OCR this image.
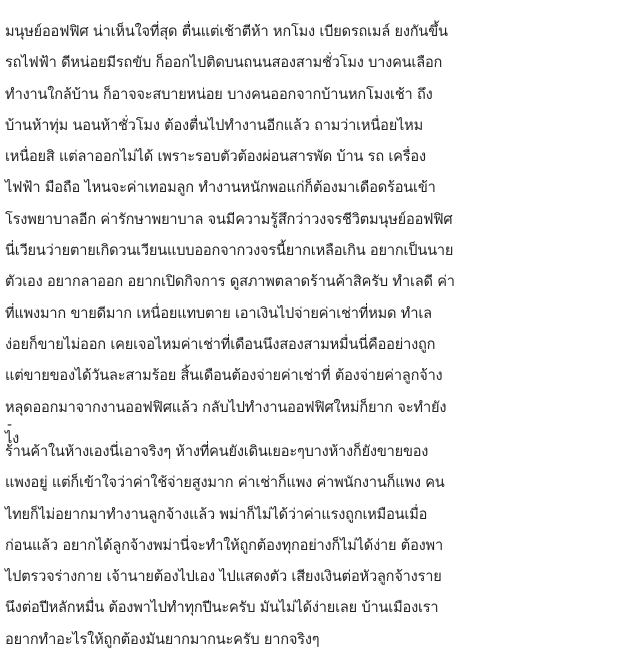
มนุษย์ออฟฟิศ น่าเห็นใจที่สุด ตื่นแต่เช้าตีห้า หกโมง เบียดรถเมล์ ยงกันขึ้น
รถไฟฟ้า ดีหน่อยมีรถขับ ก็ออกไปติดบนถนนสองสามชั่วโมง บางคนเลือก
ทำงานใกล้บ้าน ก็อาจจะสบายหน่อย บางคนออกจากบ้านหกโมงเช้า ถึง
บ้านห้าทุ่ม นอนห้าชั่วโมง ต้องตื่นไปทำงานอีกแล้ว ถามว่าเหนื่อยไหม
เหนื่อยสิ แต่ลาออกไม่ได้ เพราะรอบตัวต้องผ่อนสารพัด บ้าน รถ เครื่อง
ไฟฟ้า มือถือ ไหนจะค่าเทอมลูก ทำงานหนักพอแก่ก็ต้องมาเดือดร้อนเข้า
โรงพยาบาลอีก ค่ารักษาพยาบาล จนมีความรู้สึกว่าวงจรชีวิตมนุษย์ออฟฟิศ
นี่เวียนว่ายตายเกิดวนเวียนแบบออกจากวงจรนี้ยากเหลือเกิน อยากเป็นนาย
ตัวเอง อยากลาออก อยากเปิดกิจการ ดูสภาพตลาดร้านค้าสิครับ ทำเลดี ค่า
ที่แพงมาก ขายดีมาก เหนื่อยแทบตาย เอาเงินไปจ่ายค่าเช่าที่หมด ทำเล
ง่อยก็ขายไม่ออก เคยเจอไหมค่าเช่าที่เดือนนึงสองสามหมื่นนี่คืออย่างถูก
แต่ขายของได้วันละสามร้อย สิ้นเดือนต้องจ่ายค่าเช่าที่ ต้องจ่ายค่าลูกจ้าง
หลุดออกมาจากงานออฟฟิศแล้ว กลับไปทำงานออฟฟิศใหม่ก็ยาก จะทำยัง
ไง
-
ร้านค้าในห้างเองนี่เอาจริงๆ ห้างที่คนยังเดินเยอะๆบางห้างก็ยังขายของ
แพงอยู่ แต่ก็เข้าใจว่าค่าใช้จ่ายสูงมาก ค่าเช่าก็แพง ค่าพนักงานก็แพง คน
ไทยก็ไม่อยากมาทำงานลูกจ้างแล้ว พม่าก็ไม่ได้ว่าค่าแรงถูกเหมือนเมื่อ
ก่อนแล้ว อยากได้ลูกจ้างพม่านี่จะทำให้ถูกต้องทุกอย่างก็ไม่ได้ง่าย ต้องพา
ไปตรวจร่างกาย เจ้านายต้องไปเอง ไปแสดงตัว เสียงเงินต่อหัวลูกจ้างราย
นึงต่อปีหลักหมื่น ต้องพาไปทำทุกปีนะครับ มันไม่ได้ง่ายเลย บ้านเมืองเรา
อยากทำอะไรให้ถูกต้องมันยากมากนะครับ ยากจริงๆ
